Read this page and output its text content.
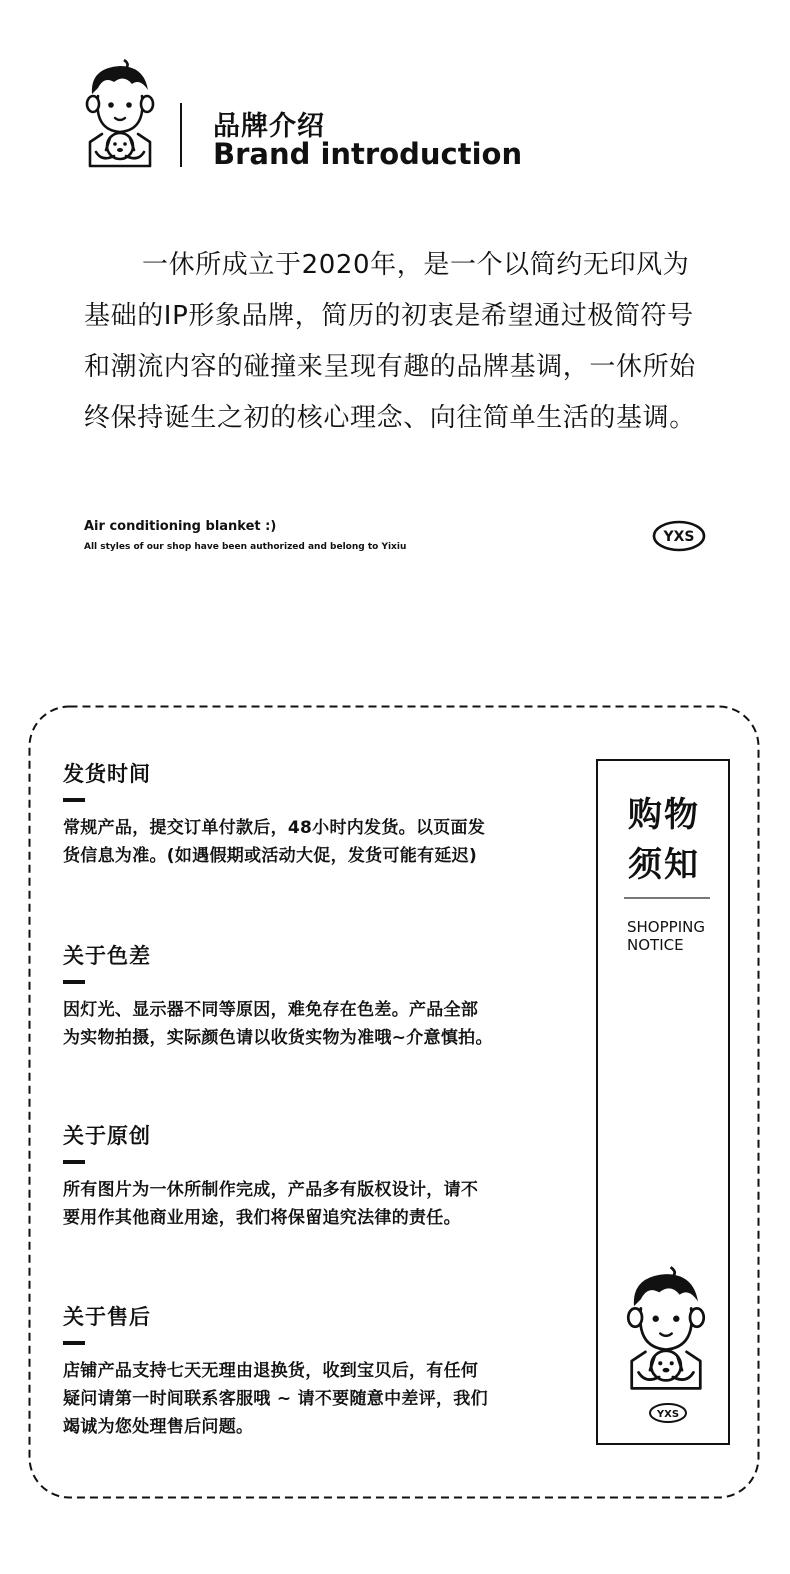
品牌介绍
Brand introduction
一休所成立于2020年，是一个以简约无印风为
基础的IP形象品牌，简历的初衷是希望通过极简符号
和潮流内容的碰撞来呈现有趣的品牌基调，一休所始
终保持诞生之初的核心理念、向往简单生活的基调。
Air conditioning blanket :)
All styles of our shop have been authorized and belong to Yixiu
YXS
发货时间
常规产品，提交订单付款后，48小时内发货。以页面发
货信息为准。(如遇假期或活动大促，发货可能有延迟)
关于色差
因灯光、显示器不同等原因，难免存在色差。产品全部
为实物拍摄，实际颜色请以收货实物为准哦~介意慎拍。
关于原创
所有图片为一休所制作完成，产品多有版权设计，请不
要用作其他商业用途，我们将保留追究法律的责任。
关于售后
店铺产品支持七天无理由退换货，收到宝贝后，有任何
疑问请第一时间联系客服哦 ~ 请不要随意中差评，我们
竭诚为您处理售后问题。
购物
须知
SHOPPING
NOTICE
YXS
